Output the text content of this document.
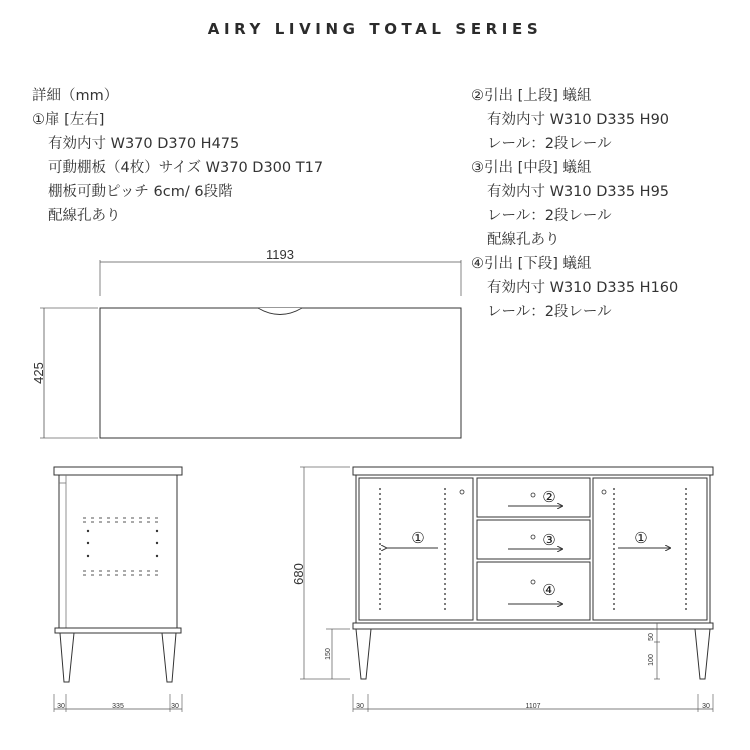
AIRY LIVING TOTAL SERIES
詳細（mm）
①扉 [左右]
有効内寸 W370 D370 H475
可動棚板（4枚）サイズ W370 D300 T17
棚板可動ピッチ 6cm/ 6段階
配線孔あり
②引出 [上段] 蟻組
有効内寸 W310 D335 H90
レール：2段レール
③引出 [中段] 蟻組
有効内寸 W310 D335 H95
レール：2段レール
配線孔あり
④引出 [下段] 蟻組
有効内寸 W310 D335 H160
レール：2段レール
1193
425
30	335	30
①
②
③
④
①
680
150
50
100
30	1107	30
